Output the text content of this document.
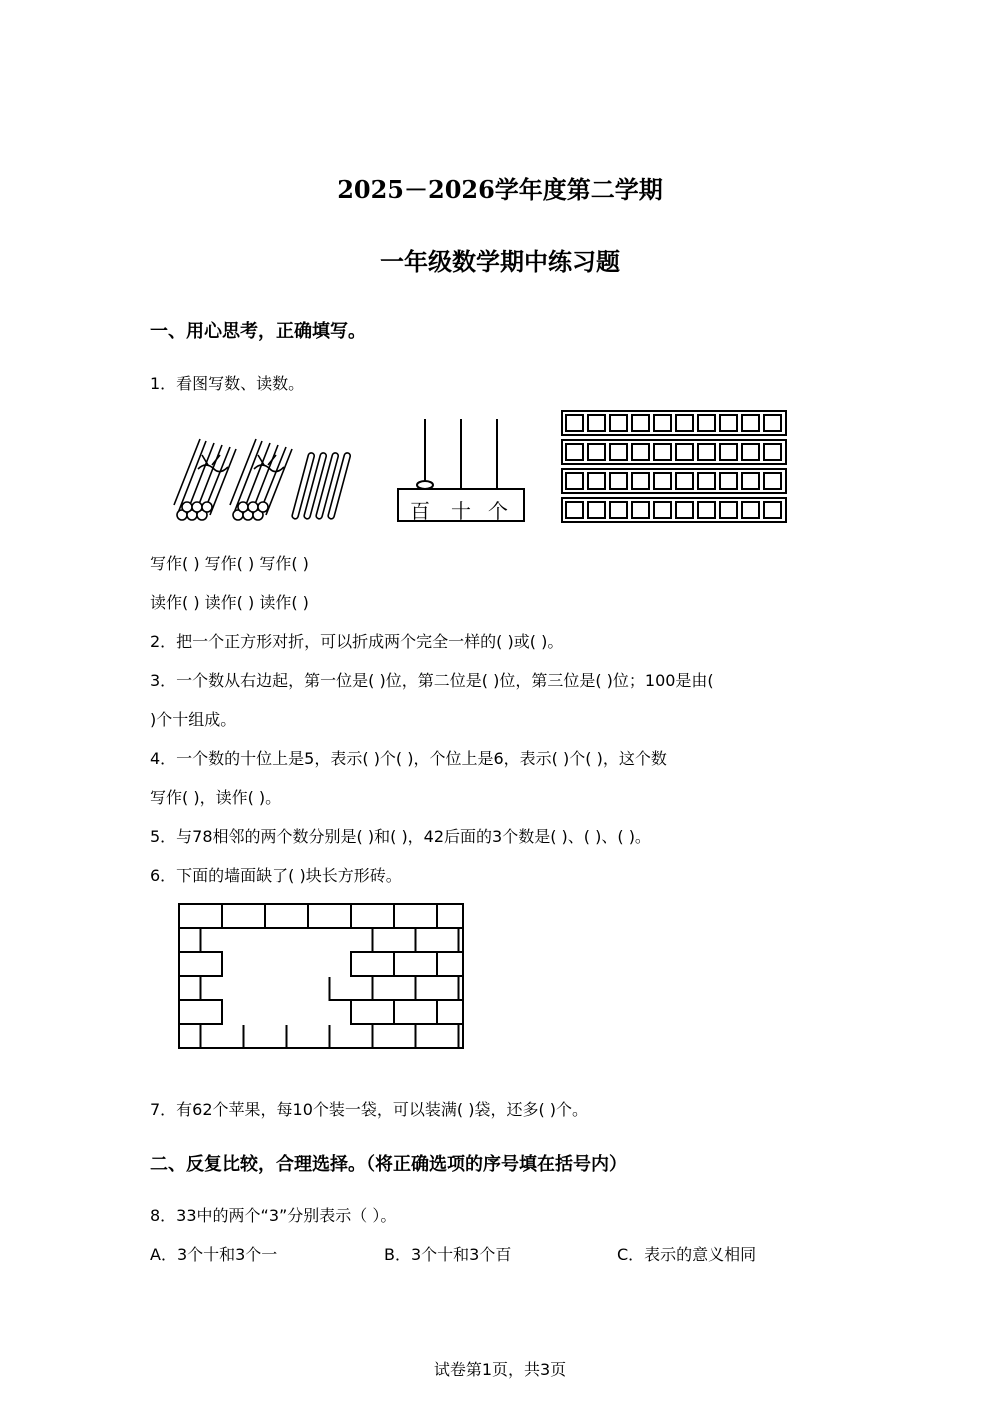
2025－2026学年度第二学期
一年级数学期中练习题
一、用心思考，正确填写。
1．看图写数、读数。
百 十 个
写作( ) 写作( ) 写作( )
读作( ) 读作( ) 读作( )
2．把一个正方形对折，可以折成两个完全一样的( )或( )。
3．一个数从右边起，第一位是( )位，第二位是( )位，第三位是( )位；100是由(
)个十组成。
4．一个数的十位上是5，表示( )个( )，个位上是6，表示( )个( )，这个数
写作( )，读作( )。
5．与78相邻的两个数分别是( )和( )，42后面的3个数是( )、( )、( )。
6．下面的墙面缺了( )块长方形砖。
7．有62个苹果，每10个装一袋，可以装满( )袋，还多( )个。
二、反复比较，合理选择。（将正确选项的序号填在括号内）
8．33中的两个“3”分别表示（ ）。
A．3个十和3个一	B．3个十和3个百	C．表示的意义相同
试卷第1页，共3页
